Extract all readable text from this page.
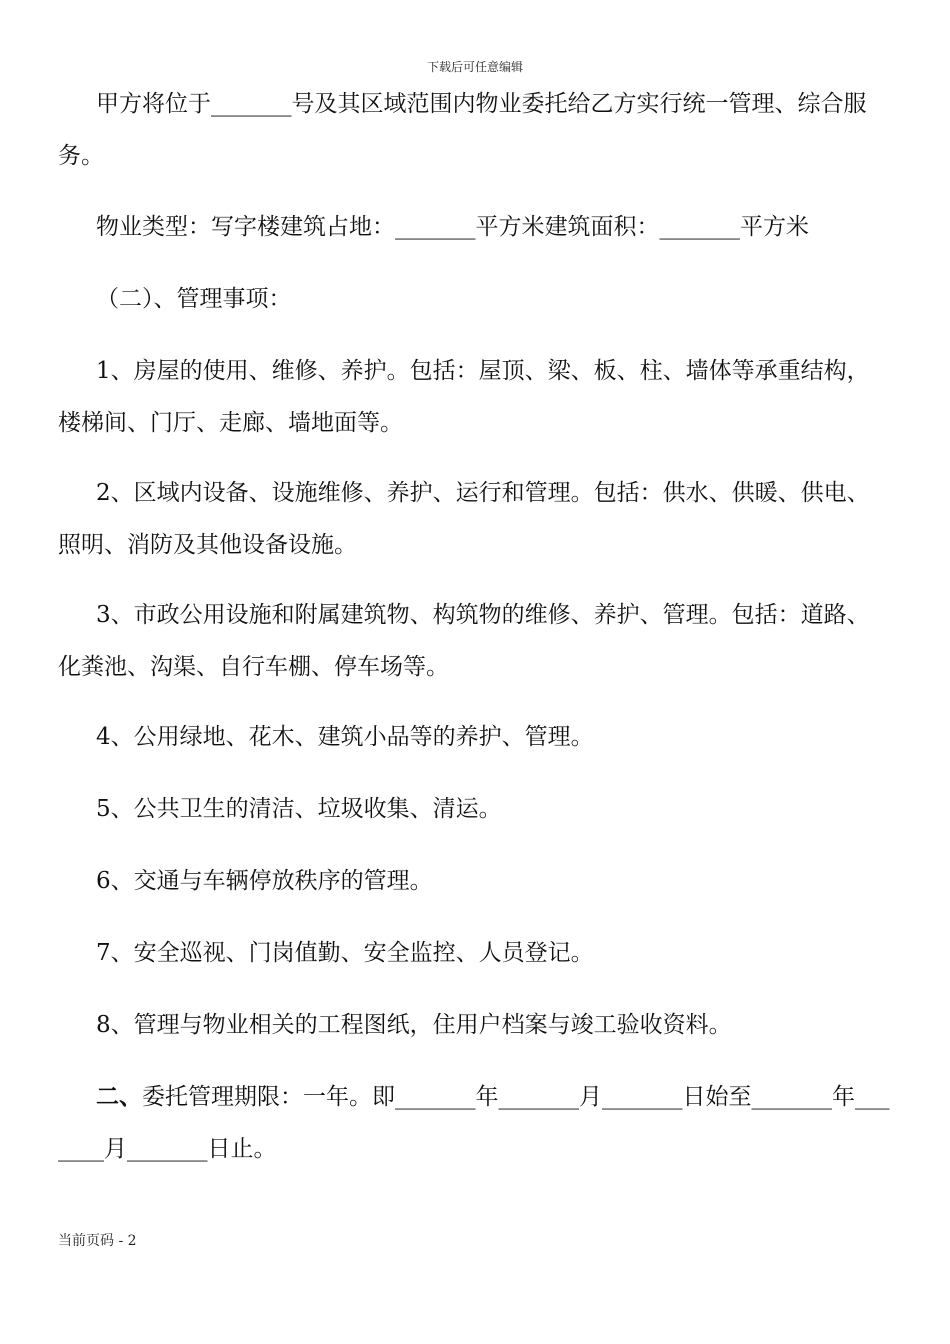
下载后可任意编辑
甲方将位于_______号及其区域范围内物业委托给乙方实行统一管理、综合服务。
物业类型：写字楼建筑占地：_______平方米建筑面积：_______平方米
（二）、管理事项：
1、房屋的使用、维修、养护。包括：屋顶、梁、板、柱、墙体等承重结构，楼梯间、门厅、走廊、墙地面等。
2、区域内设备、设施维修、养护、运行和管理。包括：供水、供暖、供电、照明、消防及其他设备设施。
3、市政公用设施和附属建筑物、构筑物的维修、养护、管理。包括：道路、化粪池、沟渠、自行车棚、停车场等。
4、公用绿地、花木、建筑小品等的养护、管理。
5、公共卫生的清洁、垃圾收集、清运。
6、交通与车辆停放秩序的管理。
7、安全巡视、门岗值勤、安全监控、人员登记。
8、管理与物业相关的工程图纸，住用户档案与竣工验收资料。
二、委托管理期限：一年。即_______年_______月_______日始至_______年_______月_______日止。
当前页码 - 2
